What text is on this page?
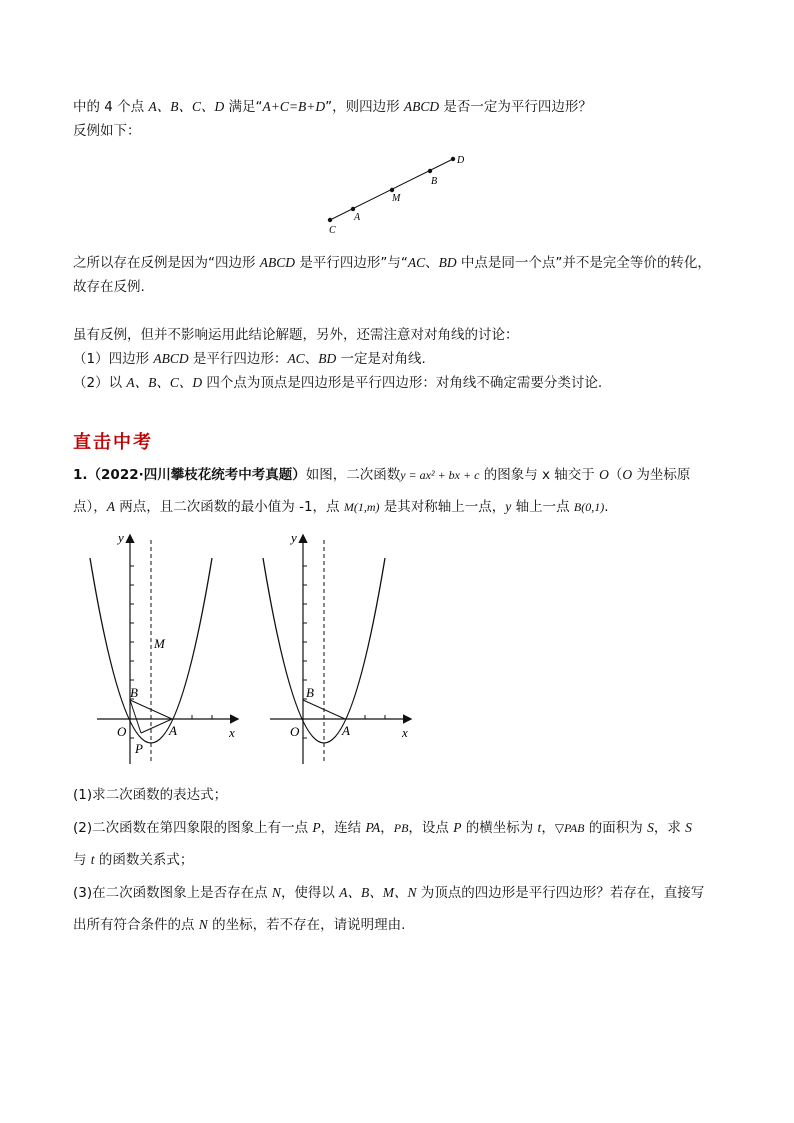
中的 4 个点 A、B、C、D 满足“A+C=B+D”，则四边形 ABCD 是否一定为平行四边形？
反例如下：
D
B
M
A
C
之所以存在反例是因为“四边形 ABCD 是平行四边形”与“AC、BD 中点是同一个点”并不是完全等价的转化，
故存在反例.
虽有反例，但并不影响运用此结论解题，另外，还需注意对对角线的讨论：
（1）四边形 ABCD 是平行四边形：AC、BD 一定是对角线.
（2）以 A、B、C、D 四个点为顶点是四边形是平行四边形：对角线不确定需要分类讨论.
直击中考
1.（2022·四川攀枝花统考中考真题）如图，二次函数y = ax² + bx + c 的图象与 x 轴交于 O（O 为坐标原
点），A 两点，且二次函数的最小值为 -1，点 M(1,m) 是其对称轴上一点，y 轴上一点 B(0,1).
y
M
B
O
P
A	x
y
B
O	A	x
(1)求二次函数的表达式；
(2)二次函数在第四象限的图象上有一点 P，连结 PA，PB，设点 P 的横坐标为 t，▽PAB 的面积为 S，求 S
与 t 的函数关系式；
(3)在二次函数图象上是否存在点 N，使得以 A、B、M、N 为顶点的四边形是平行四边形？若存在，直接写
出所有符合条件的点 N 的坐标，若不存在，请说明理由.
